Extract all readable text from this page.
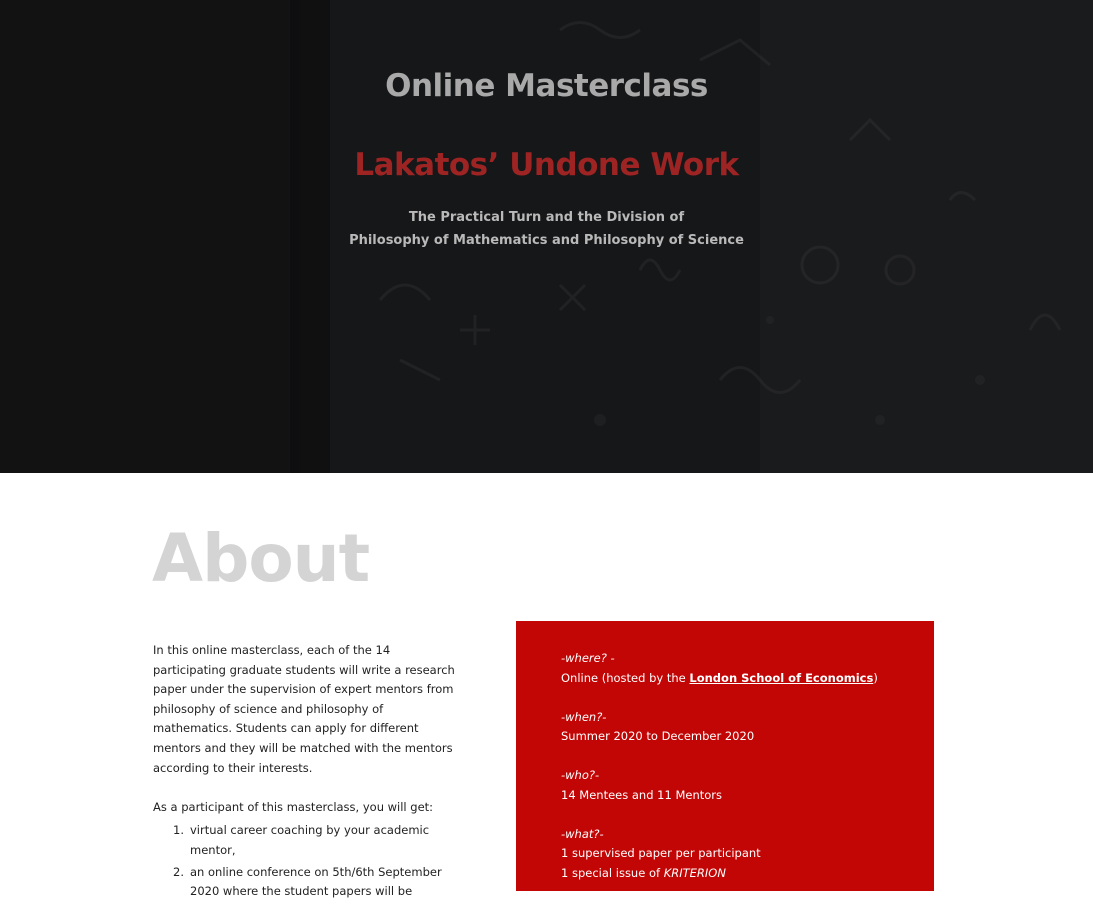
Online Masterclass
Lakatos’ Undone Work
The Practical Turn and the Division of
Philosophy of Mathematics and Philosophy of Science
About

In this online masterclass, each of the 14 participating graduate students will write a research paper under the supervision of expert mentors from philosophy of science and philosophy of mathematics. Students can apply for different mentors and they will be matched with the mentors according to their interests.

As a participant of this masterclass, you will get:

1. virtual career coaching by your academic mentor,
2. an online conference on 5th/6th September 2020 where the student papers will be
-where? -
Online (hosted by the London School of Economics)
-when?-
Summer 2020 to December 2020
-who?-
14 Mentees and 11 Mentors
-what?-
1 supervised paper per participant
1 special issue of KRITERION
